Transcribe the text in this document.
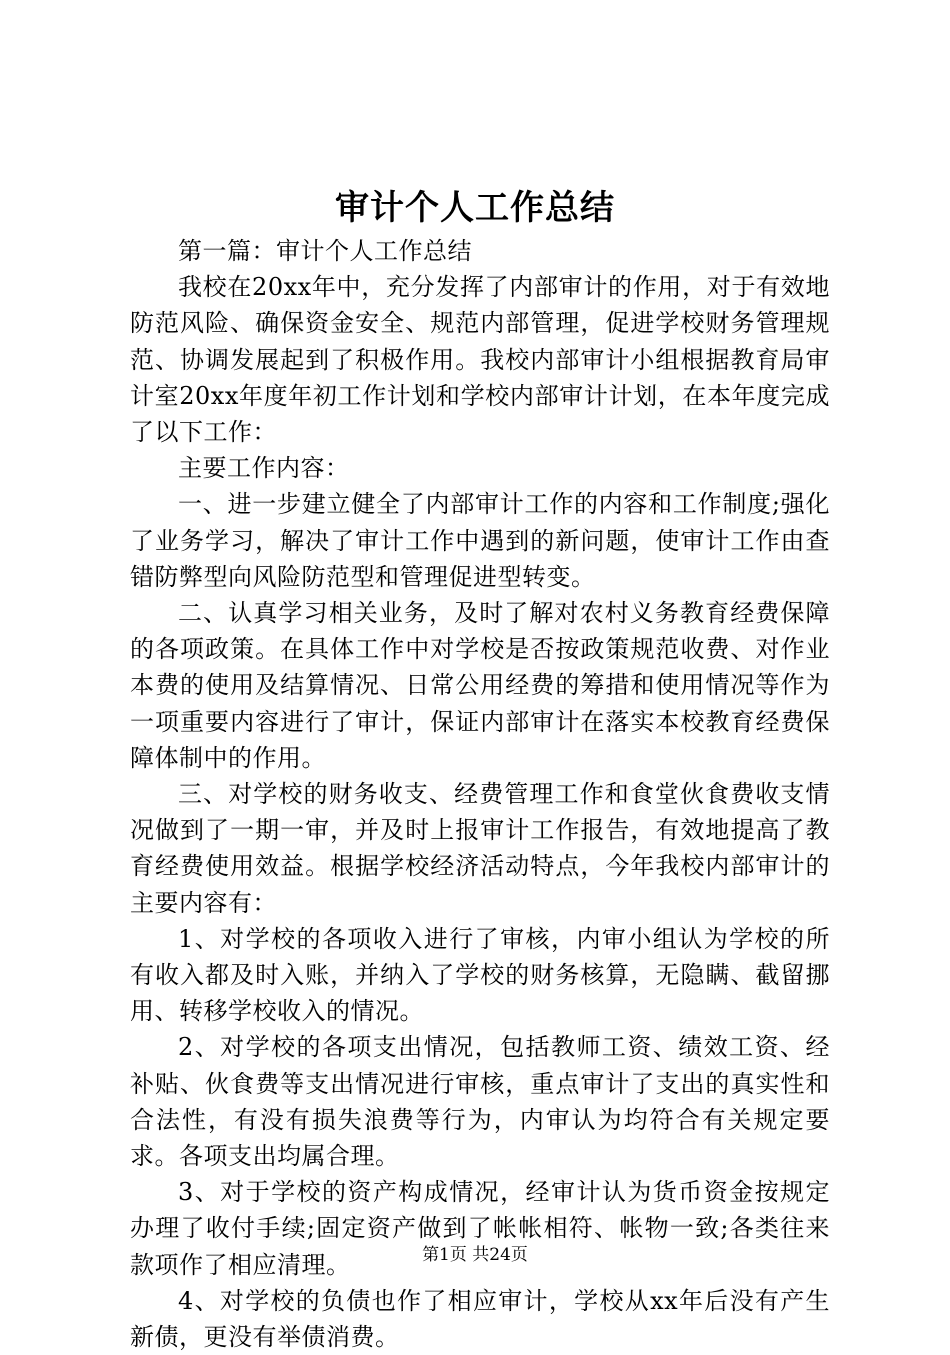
审计个人工作总结

第一篇：审计个人工作总结

我校在20xx年中，充分发挥了内部审计的作用，对于有效地防范风险、确保资金安全、规范内部管理，促进学校财务管理规范、协调发展起到了积极作用。我校内部审计小组根据教育局审计室20xx年度年初工作计划和学校内部审计计划，在本年度完成了以下工作：

主要工作内容：

一、进一步建立健全了内部审计工作的内容和工作制度;强化了业务学习，解决了审计工作中遇到的新问题，使审计工作由查错防弊型向风险防范型和管理促进型转变。

二、认真学习相关业务，及时了解对农村义务教育经费保障的各项政策。在具体工作中对学校是否按政策规范收费、对作业本费的使用及结算情况、日常公用经费的筹措和使用情况等作为一项重要内容进行了审计，保证内部审计在落实本校教育经费保障体制中的作用。

三、对学校的财务收支、经费管理工作和食堂伙食费收支情况做到了一期一审，并及时上报审计工作报告，有效地提高了教育经费使用效益。根据学校经济活动特点，今年我校内部审计的主要内容有：

1、对学校的各项收入进行了审核，内审小组认为学校的所有收入都及时入账，并纳入了学校的财务核算，无隐瞒、截留挪用、转移学校收入的情况。

2、对学校的各项支出情况，包括教师工资、绩效工资、经补贴、伙食费等支出情况进行审核，重点审计了支出的真实性和合法性，有没有损失浪费等行为，内审认为均符合有关规定要求。各项支出均属合理。

3、对于学校的资产构成情况，经审计认为货币资金按规定办理了收付手续;固定资产做到了帐帐相符、帐物一致;各类往来款项作了相应清理。

4、对学校的负债也作了相应审计，学校从xx年后没有产生新债，更没有举债消费。

第1页 共24页
